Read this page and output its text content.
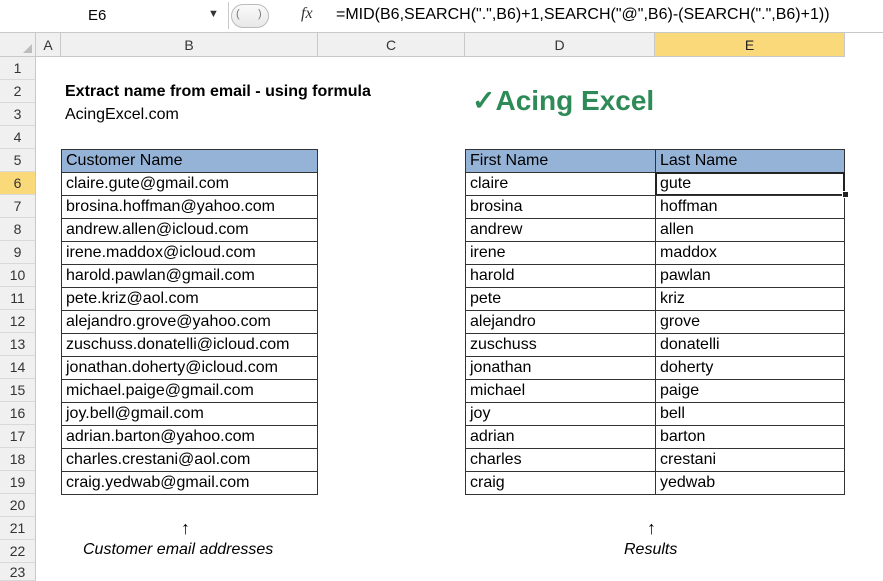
E6	▼ ( ) fx =MID(B6,SEARCH(".",B6)+1,SEARCH("@",B6)-(SEARCH(".",B6)+1))
A	B	C	D	E
1
2
3
4
5
6
7
8
9
10
11
12
13
14
15
16
17
18
19
20
21
22
23
Extract name from email - using formula
AcingExcel.com	✓Acing Excel
Customer Name
claire.gute@gmail.com
brosina.hoffman@yahoo.com
andrew.allen@icloud.com
irene.maddox@icloud.com
harold.pawlan@gmail.com
pete.kriz@aol.com
alejandro.grove@yahoo.com
zuschuss.donatelli@icloud.com
jonathan.doherty@icloud.com
michael.paige@gmail.com
joy.bell@gmail.com
adrian.barton@yahoo.com
charles.crestani@aol.com
craig.yedwab@gmail.com
First Name	Last Name
claire	gute
brosina	hoffman
andrew	allen
irene	maddox
harold	pawlan
pete	kriz
alejandro	grove
zuschuss	donatelli
jonathan	doherty
michael	paige
joy	bell
adrian	barton
charles	crestani
craig	yedwab
↑	↑
Customer email addresses	Results
